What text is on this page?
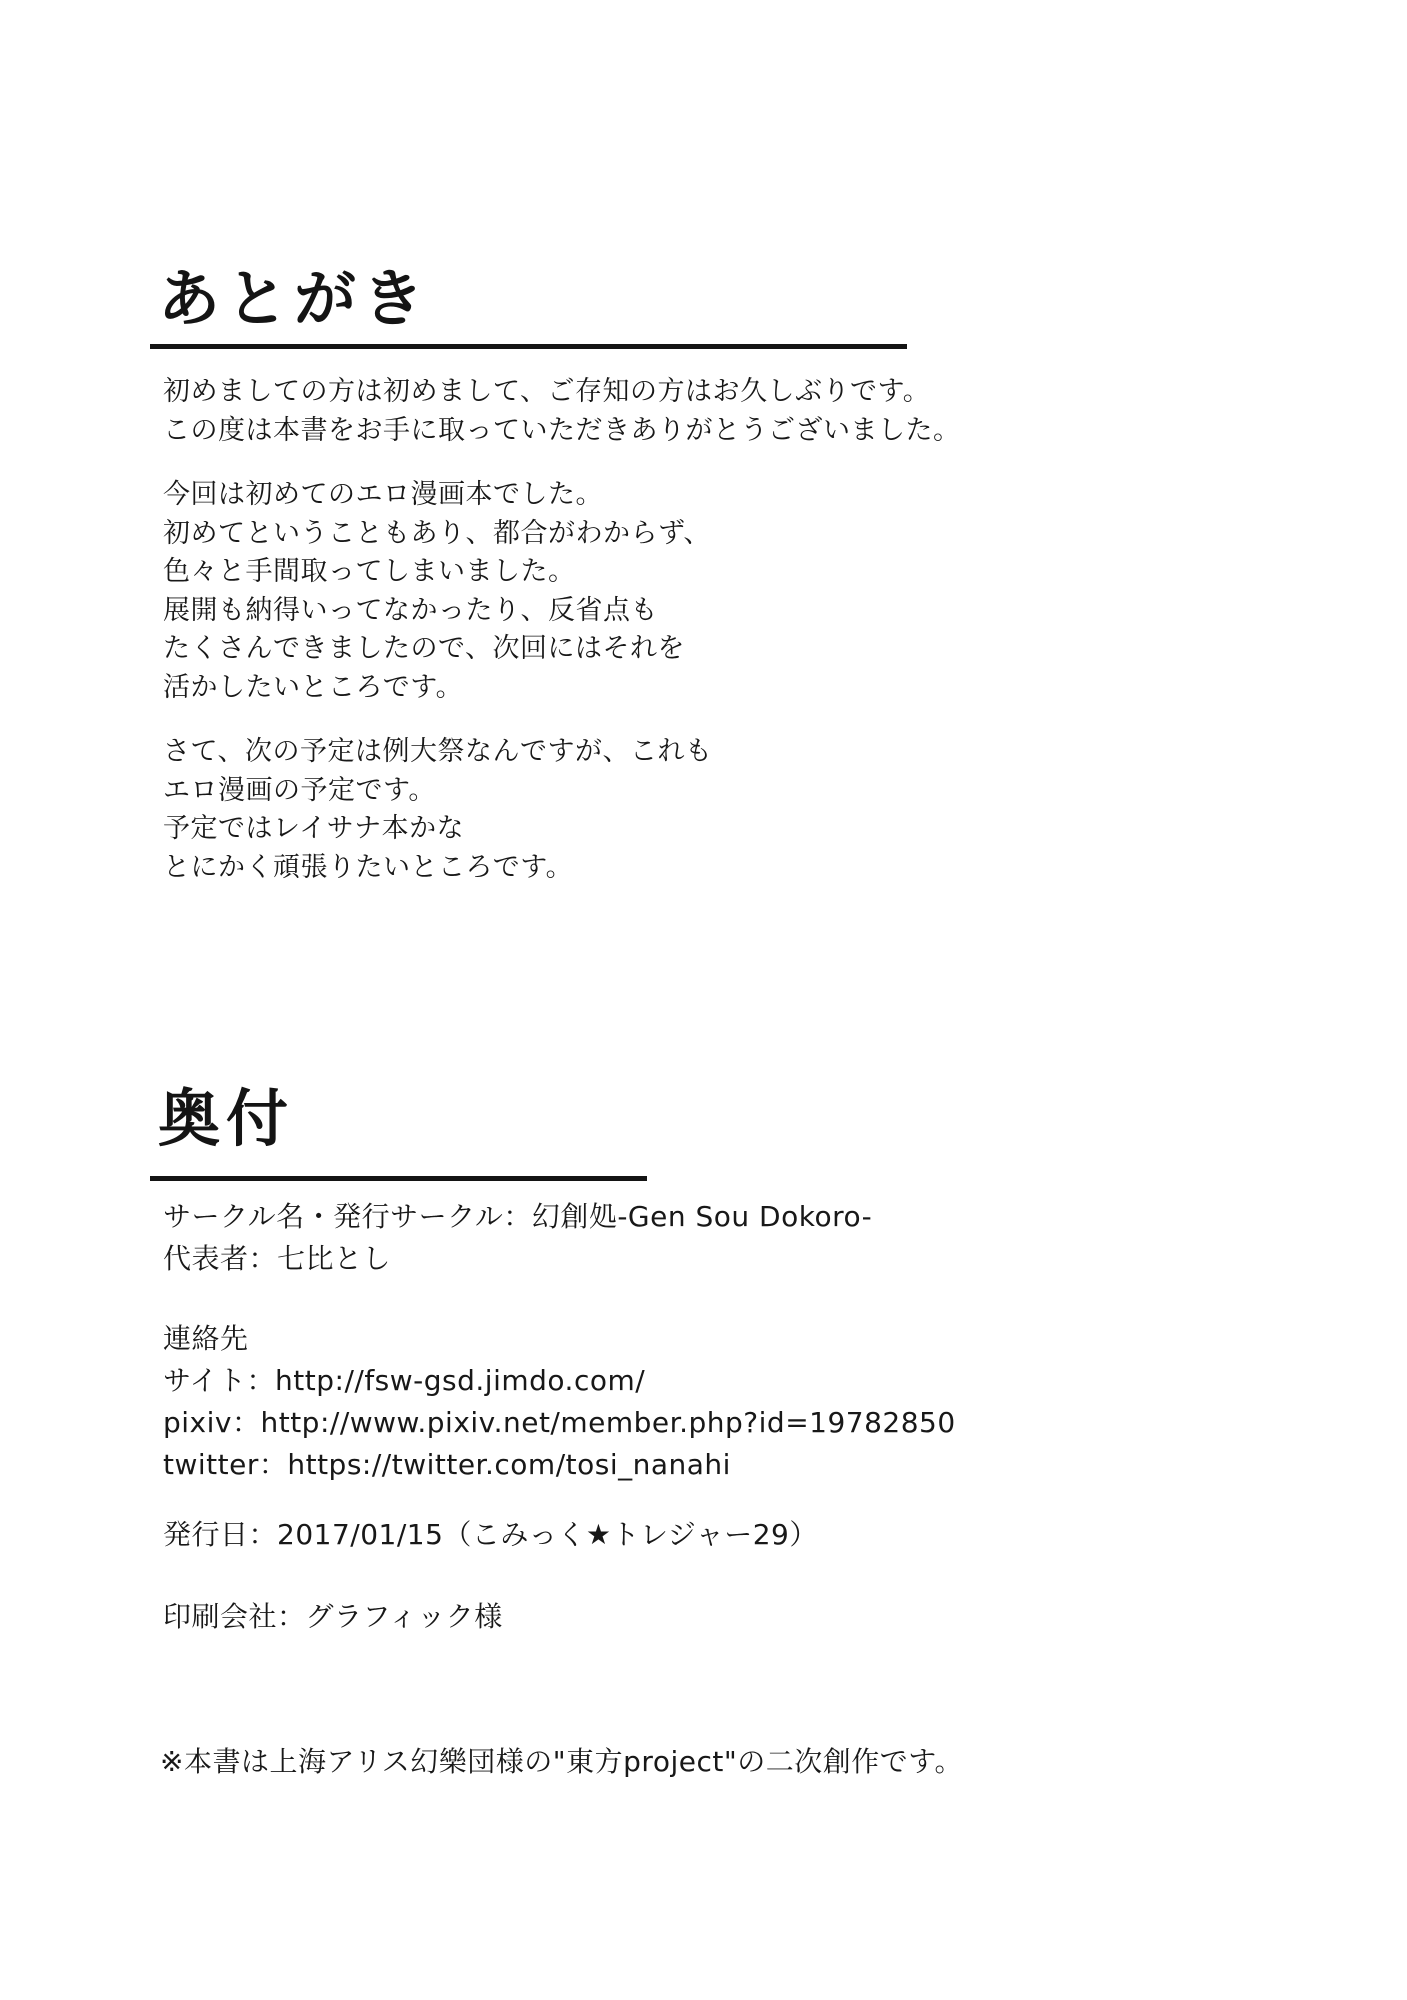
あとがき
初めましての方は初めまして、ご存知の方はお久しぶりです。
この度は本書をお手に取っていただきありがとうございました。
今回は初めてのエロ漫画本でした。
初めてということもあり、都合がわからず、
色々と手間取ってしまいました。
展開も納得いってなかったり、反省点も
たくさんできましたので、次回にはそれを
活かしたいところです。
さて、次の予定は例大祭なんですが、これも
エロ漫画の予定です。
予定ではレイサナ本かな
とにかく頑張りたいところです。
奥付
サークル名・発行サークル：幻創処-Gen Sou Dokoro-
代表者：七比とし
連絡先
サイト：http://fsw-gsd.jimdo.com/
pixiv：http://www.pixiv.net/member.php?id=19782850
twitter：https://twitter.com/tosi_nanahi
発行日：2017/01/15（こみっく★トレジャー29）
印刷会社：グラフィック様
※本書は上海アリス幻樂団様の"東方project"の二次創作です。
